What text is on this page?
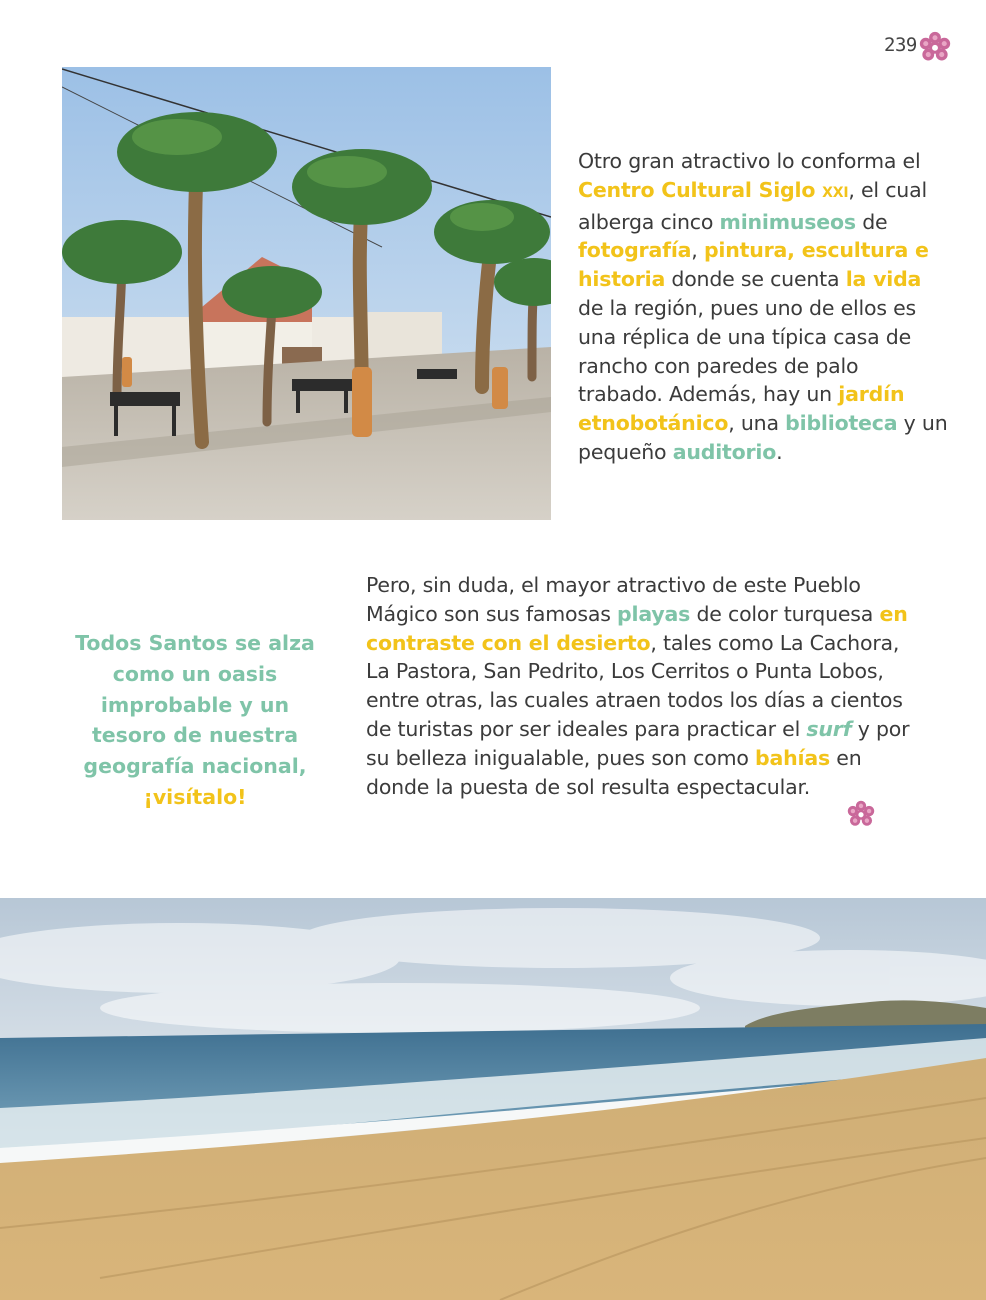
239

Otro gran atractivo lo conforma el Centro Cultural Siglo XXI, el cual alberga cinco minimuseos de fotografía, pintura, escultura e historia donde se cuenta la vida de la región, pues uno de ellos es una réplica de una típica casa de rancho con paredes de palo trabado. Además, hay un jardín etnobotánico, una biblioteca y un pequeño auditorio.

Todos Santos se alza como un oasis improbable y un tesoro de nuestra geografía nacional,
¡visítalo!

Pero, sin duda, el mayor atractivo de este Pueblo Mágico son sus famosas playas de color turquesa en contraste con el desierto, tales como La Cachora, La Pastora, San Pedrito, Los Cerritos o Punta Lobos, entre otras, las cuales atraen todos los días a cientos de turistas por ser ideales para practicar el surf y por su belleza inigualable, pues son como bahías en donde la puesta de sol resulta espectacular.
